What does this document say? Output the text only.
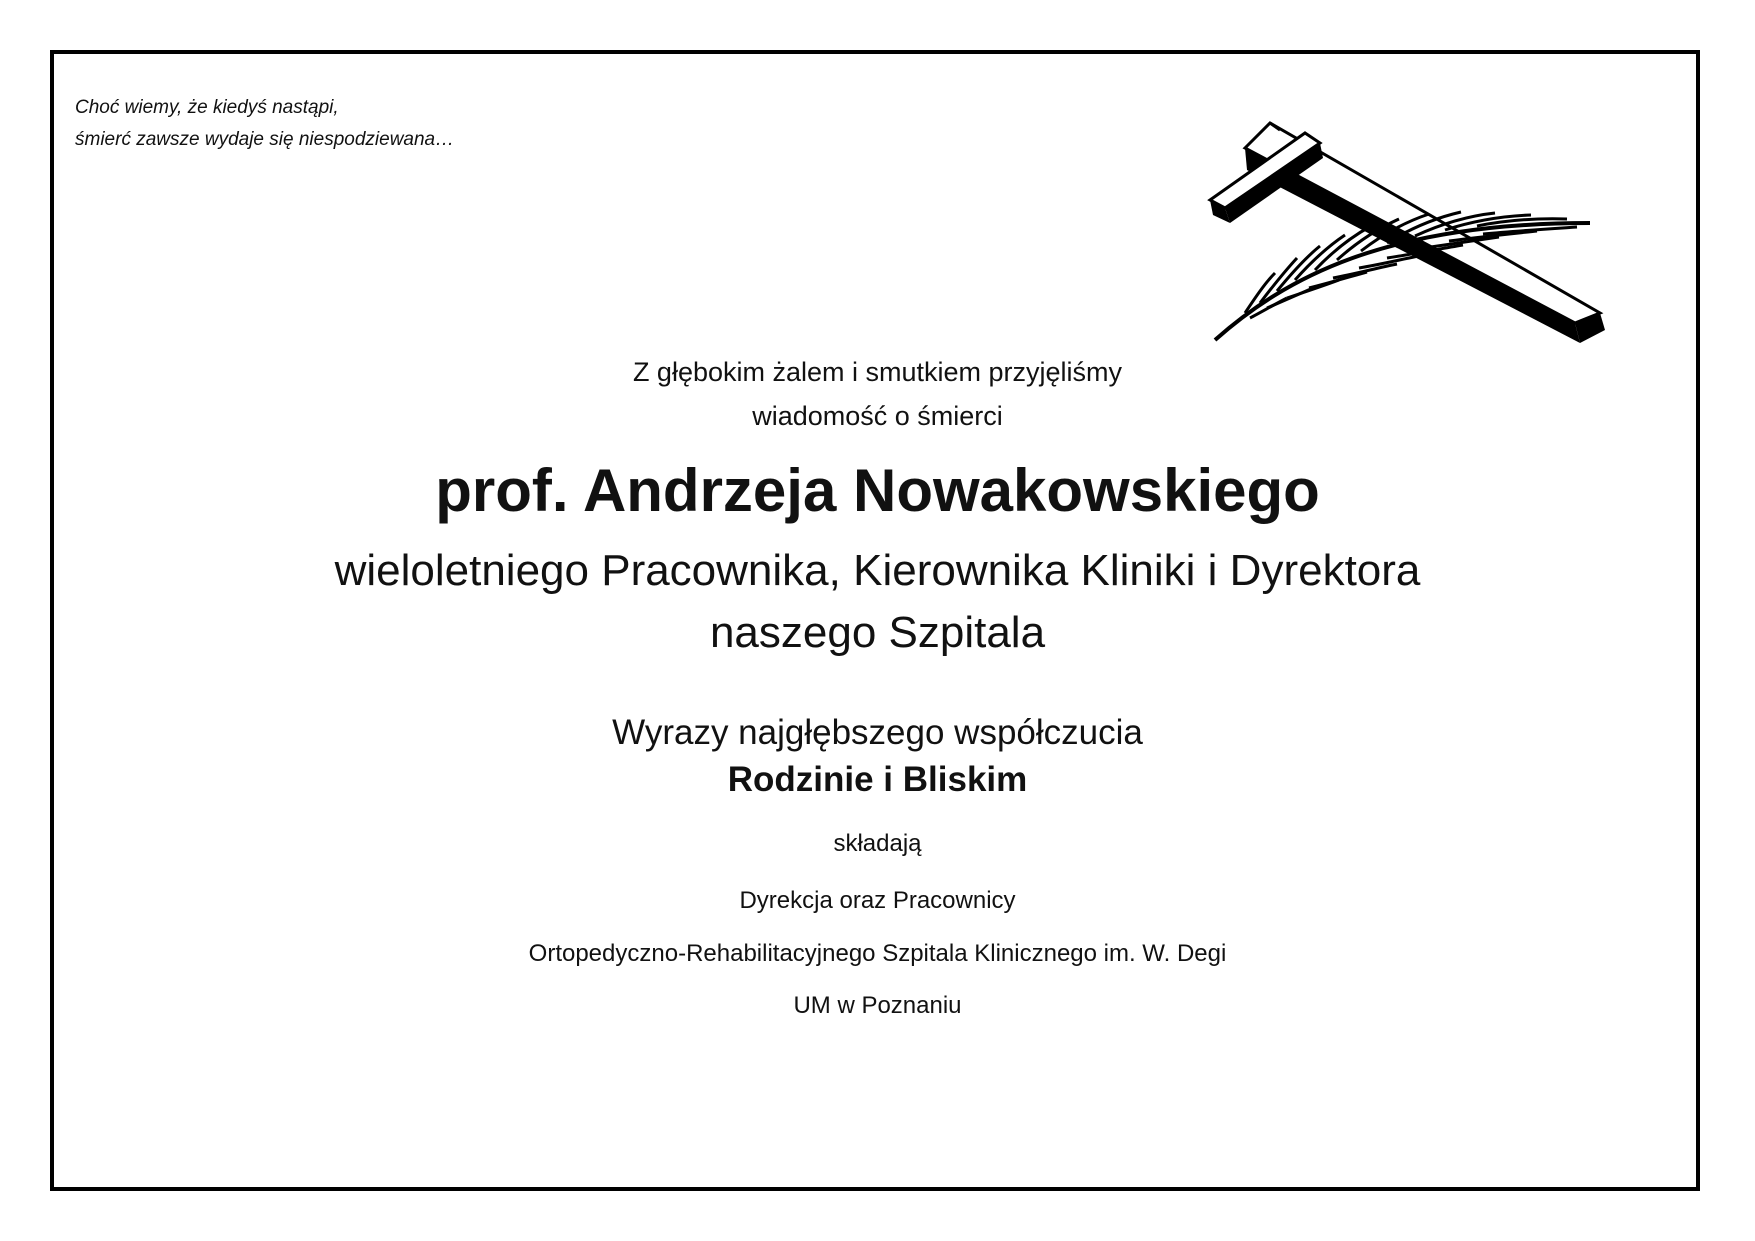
Choć wiemy, że kiedyś nastąpi,
śmierć zawsze wydaje się niespodziewana…
Z głębokim żalem i smutkiem przyjęliśmy
wiadomość o śmierci
prof. Andrzeja Nowakowskiego
wieloletniego Pracownika, Kierownika Kliniki i Dyrektora
naszego Szpitala
Wyrazy najgłębszego współczucia
Rodzinie i Bliskim
składają
Dyrekcja oraz Pracownicy
Ortopedyczno-Rehabilitacyjnego Szpitala Klinicznego im. W. Degi
UM w Poznaniu
